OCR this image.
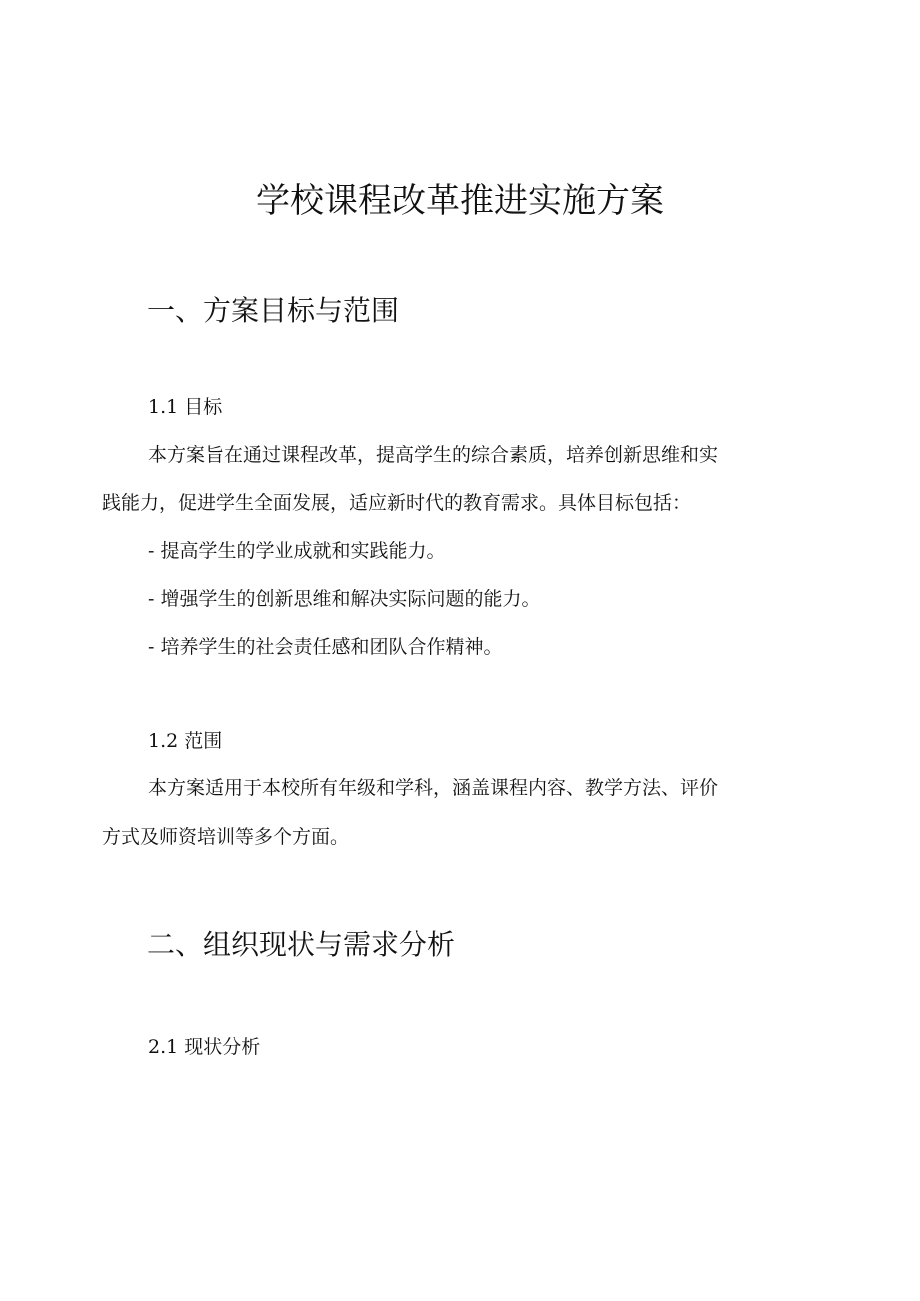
学校课程改革推进实施方案
一、方案目标与范围
1.1 目标
本方案旨在通过课程改革，提高学生的综合素质，培养创新思维和实
践能力，促进学生全面发展，适应新时代的教育需求。具体目标包括：
- 提高学生的学业成就和实践能力。
- 增强学生的创新思维和解决实际问题的能力。
- 培养学生的社会责任感和团队合作精神。
1.2 范围
本方案适用于本校所有年级和学科，涵盖课程内容、教学方法、评价
方式及师资培训等多个方面。
二、组织现状与需求分析
2.1 现状分析
